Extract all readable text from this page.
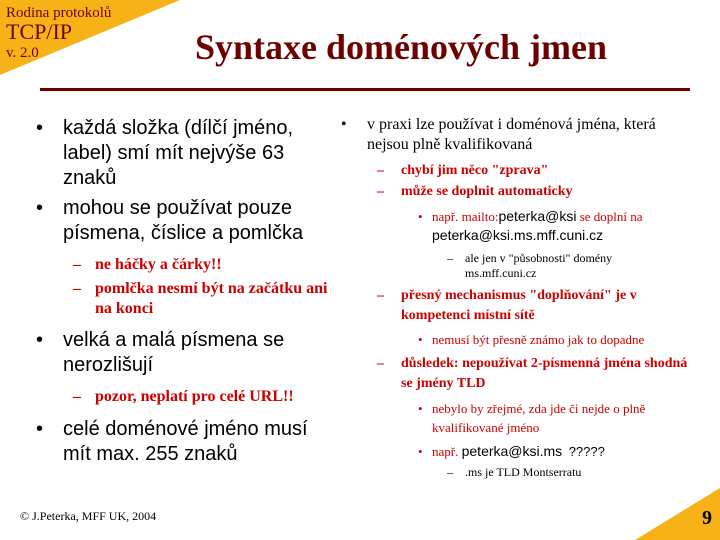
Rodina protokolů
TCP/IP
v. 2.0	Syntaxe doménových jmen
• každá složka (dílčí jméno, label) smí mít nejvýše 63 znaků
• mohou se používat pouze písmena, číslice a pomlčka
– ne háčky a čárky!!
– pomlčka nesmí být na začátku ani na konci
• velká a malá písmena se nerozlišují
– pozor, neplatí pro celé URL!!
• celé doménové jméno musí mít max. 255 znaků
• v praxi lze používat i doménová jména, která nejsou plně kvalifikovaná
– chybí jim něco "zprava"
– může se doplnit automaticky
• např. mailto:peterka@ksi se doplní na
peterka@ksi.ms.mff.cuni.cz
– ale jen v "působnosti" domény ms.mff.cuni.cz
– přesný mechanismus "doplňování" je v kompetenci místní sítě
• nemusí být přesně známo jak to dopadne
– důsledek: nepoužívat 2-písmenná jména shodná se jmény TLD
• nebylo by zřejmé, zda jde či nejde o plně kvalifikované jméno
• např. peterka@ksi.ms ?????
– .ms je TLD Montserratu
© J.Peterka, MFF UK, 2004	9
